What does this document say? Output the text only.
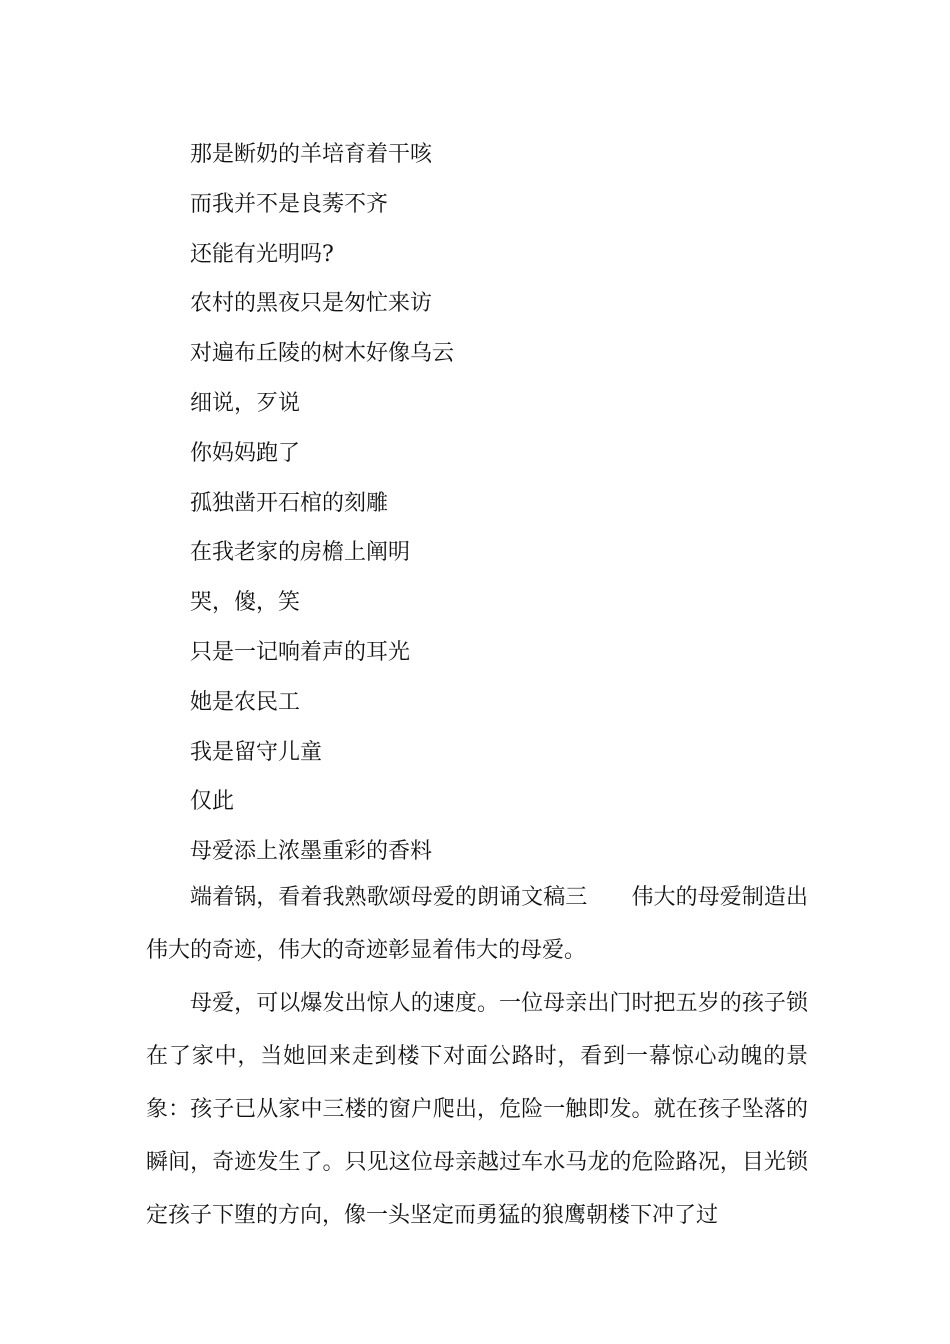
那是断奶的羊培育着干咳
而我并不是良莠不齐
还能有光明吗?
农村的黑夜只是匆忙来访
对遍布丘陵的树木好像乌云
细说，歹说
你妈妈跑了
孤独凿开石棺的刻雕
在我老家的房檐上阐明
哭，傻，笑
只是一记响着声的耳光
她是农民工
我是留守儿童
仅此
母爱添上浓墨重彩的香料

端着锅，看着我熟歌颂母爱的朗诵文稿三 伟大的母爱制造出伟大的奇迹，伟大的奇迹彰显着伟大的母爱。

母爱，可以爆发出惊人的速度。一位母亲出门时把五岁的孩子锁在了家中，当她回来走到楼下对面公路时，看到一幕惊心动魄的景象：孩子已从家中三楼的窗户爬出，危险一触即发。就在孩子坠落的瞬间，奇迹发生了。只见这位母亲越过车水马龙的危险路况，目光锁定孩子下堕的方向，像一头坚定而勇猛的狼鹰朝楼下冲了过
